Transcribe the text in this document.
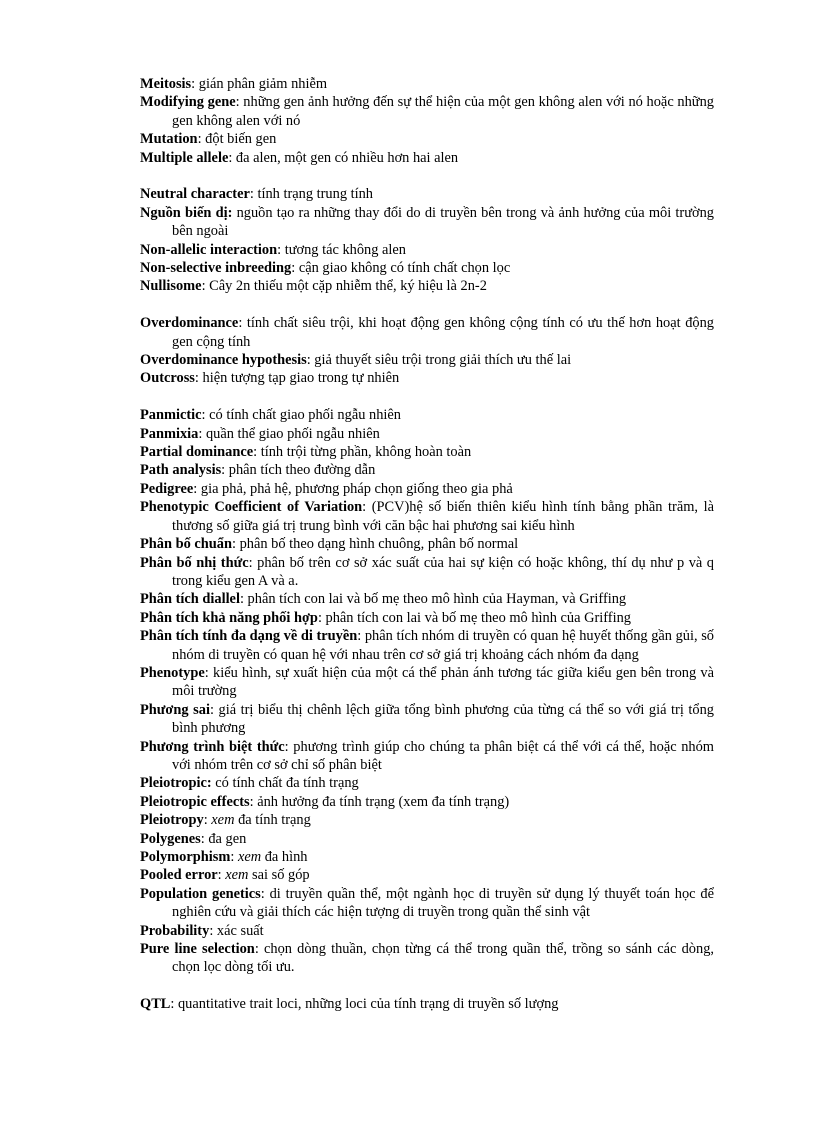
Meitosis: gián phân giảm nhiễm
Modifying gene: những gen ảnh hưởng đến sự thể hiện của một gen không alen với nó hoặc những gen không alen với nó
Mutation: đột biến gen
Multiple allele: đa alen, một gen có nhiều hơn hai alen
Neutral character: tính trạng trung tính
Nguồn biến dị: nguồn tạo ra những thay đổi do di truyền bên trong và ảnh hưởng của môi trường bên ngoài
Non-allelic interaction: tương tác không alen
Non-selective inbreeding: cận giao không có tính chất chọn lọc
Nullisome: Cây 2n thiếu một cặp nhiễm thể, ký hiệu là 2n-2
Overdominance: tính chất siêu trội, khi hoạt động gen không cộng tính có ưu thế hơn hoạt động gen cộng tính
Overdominance hypothesis: giả thuyết siêu trội trong giải thích ưu thế lai
Outcross: hiện tượng tạp giao trong tự nhiên
Panmictic: có tính chất giao phối ngẫu nhiên
Panmixia: quần thể giao phối ngẫu nhiên
Partial dominance: tính trội từng phần, không hoàn toàn
Path analysis: phân tích theo đường dẫn
Pedigree: gia phả, phả hệ, phương pháp chọn giống theo gia phả
Phenotypic Coefficient of Variation: (PCV)hệ số biến thiên kiểu hình tính bằng phần trăm, là thương số giữa giá trị trung bình với căn bậc hai phương sai kiểu hình
Phân bố chuẩn: phân bố theo dạng hình chuông, phân bố normal
Phân bố nhị thức: phân bố trên cơ sở xác suất của hai sự kiện có hoặc không, thí dụ như p và q trong kiểu gen A và a.
Phân tích diallel: phân tích con lai và bố mẹ theo mô hình của Hayman, và Griffing
Phân tích khả năng phối hợp: phân tích con lai và bố mẹ theo mô hình của Griffing
Phân tích tính đa dạng về di truyền: phân tích nhóm di truyền có quan hệ huyết thống gần gủi, số nhóm di truyền có quan hệ với nhau trên cơ sở giá trị khoảng cách nhóm đa dạng
Phenotype: kiểu hình, sự xuất hiện của một cá thể phản ánh tương tác giữa kiểu gen bên trong và môi trường
Phương sai: giá trị biểu thị chênh lệch giữa tổng bình phương của từng cá thể so với giá trị tổng bình phương
Phương trình biệt thức: phương trình giúp cho chúng ta phân biệt cá thể với cá thể, hoặc nhóm với nhóm trên cơ sở chỉ số phân biệt
Pleiotropic: có tính chất đa tính trạng
Pleiotropic effects: ảnh hưởng đa tính trạng (xem đa tính trạng)
Pleiotropy: xem đa tính trạng
Polygenes: đa gen
Polymorphism: xem đa hình
Pooled error: xem sai số góp
Population genetics: di truyền quần thể, một ngành học di truyền sử dụng lý thuyết toán học để nghiên cứu và giải thích các hiện tượng di truyền trong quần thể sinh vật
Probability: xác suất
Pure line selection: chọn dòng thuần, chọn từng cá thể trong quần thể, trồng so sánh các dòng, chọn lọc dòng tối ưu.
QTL: quantitative trait loci, những loci của tính trạng di truyền số lượng
